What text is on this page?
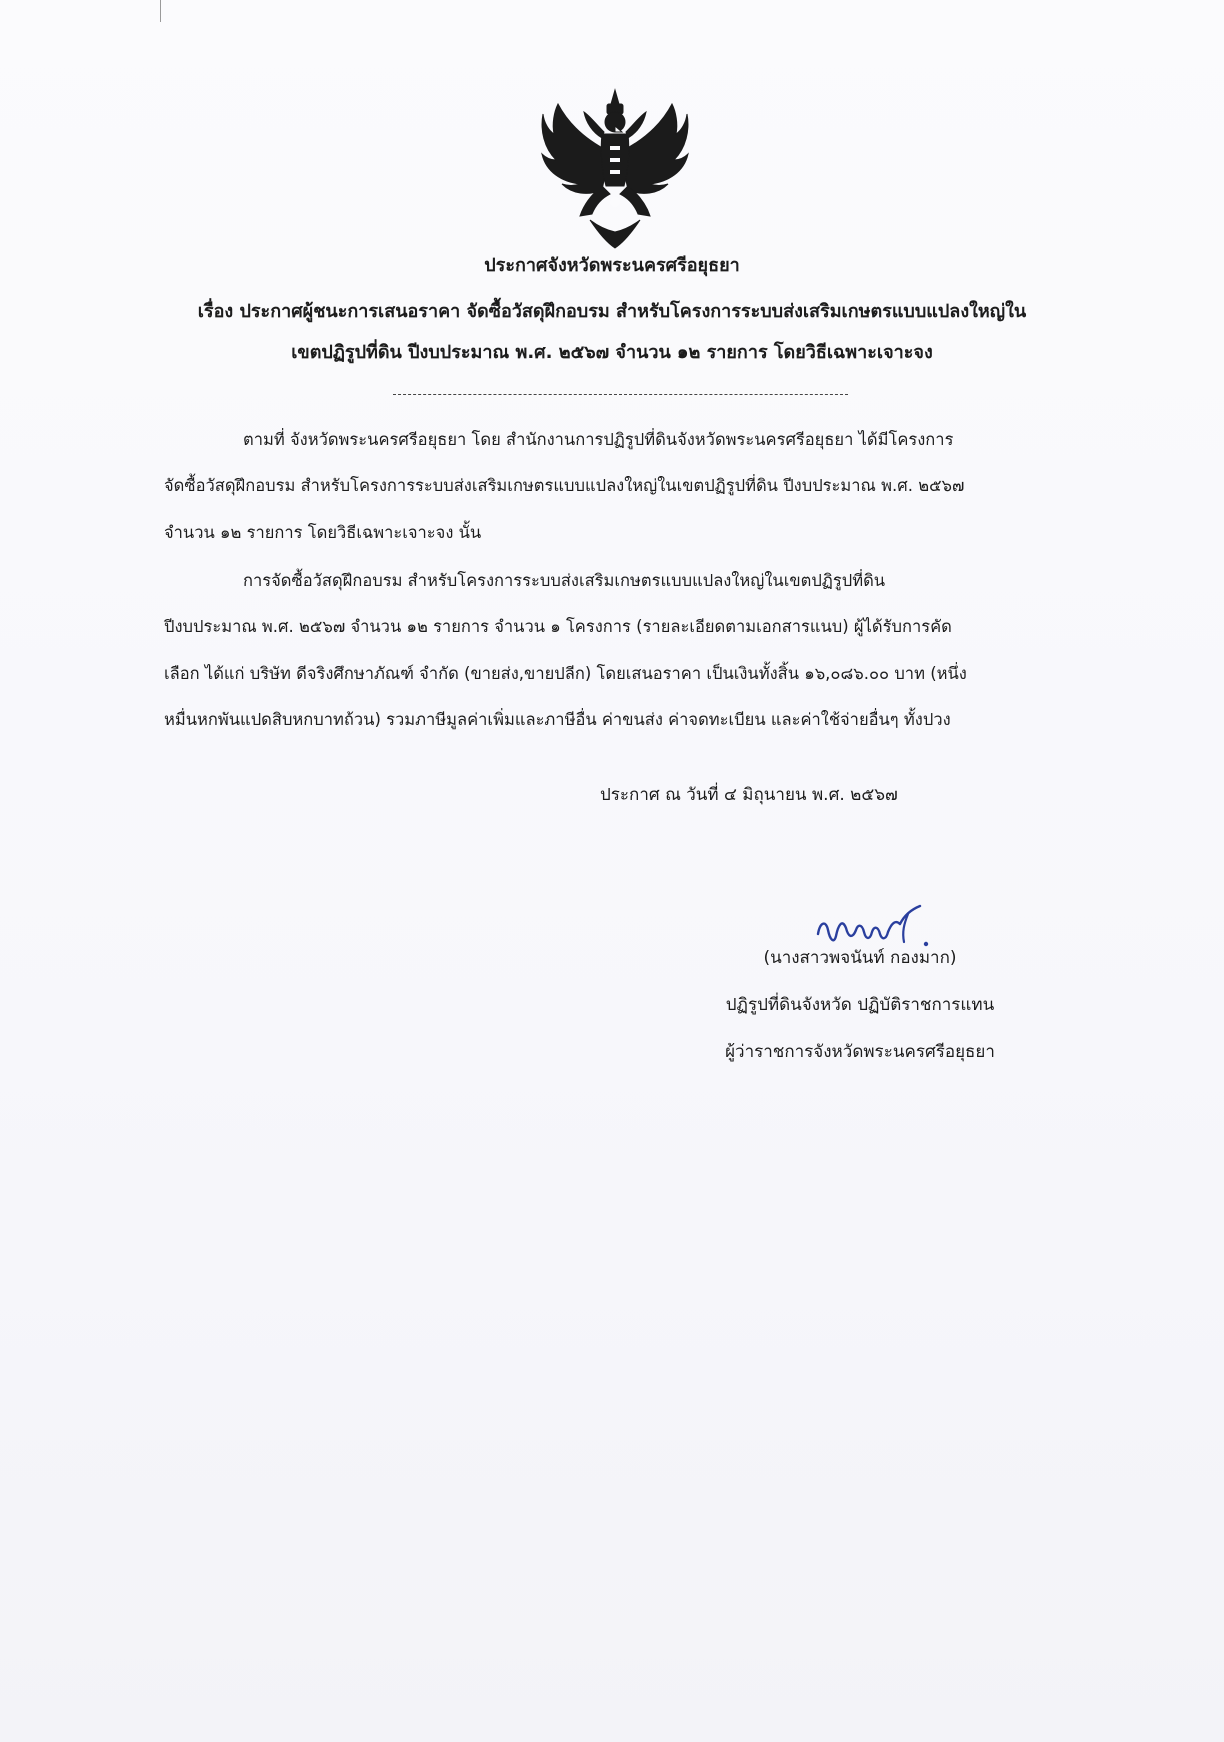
ประกาศจังหวัดพระนครศรีอยุธยา
เรื่อง ประกาศผู้ชนะการเสนอราคา จัดซื้อวัสดุฝึกอบรม สำหรับโครงการระบบส่งเสริมเกษตรแบบแปลงใหญ่ใน
เขตปฏิรูปที่ดิน ปีงบประมาณ พ.ศ. ๒๕๖๗ จำนวน ๑๒ รายการ โดยวิธีเฉพาะเจาะจง
ตามที่ จังหวัดพระนครศรีอยุธยา โดย สำนักงานการปฏิรูปที่ดินจังหวัดพระนครศรีอยุธยา ได้มีโครงการ
จัดซื้อวัสดุฝึกอบรม สำหรับโครงการระบบส่งเสริมเกษตรแบบแปลงใหญ่ในเขตปฏิรูปที่ดิน ปีงบประมาณ พ.ศ. ๒๕๖๗
จำนวน ๑๒ รายการ โดยวิธีเฉพาะเจาะจง นั้น
การจัดซื้อวัสดุฝึกอบรม สำหรับโครงการระบบส่งเสริมเกษตรแบบแปลงใหญ่ในเขตปฏิรูปที่ดิน
ปีงบประมาณ พ.ศ. ๒๕๖๗ จำนวน ๑๒ รายการ จำนวน ๑ โครงการ (รายละเอียดตามเอกสารแนบ) ผู้ได้รับการคัด
เลือก ได้แก่ บริษัท ดีจริงศึกษาภัณฑ์ จำกัด (ขายส่ง,ขายปลีก) โดยเสนอราคา เป็นเงินทั้งสิ้น ๑๖,๐๘๖.๐๐ บาท (หนึ่ง
หมื่นหกพันแปดสิบหกบาทถ้วน) รวมภาษีมูลค่าเพิ่มและภาษีอื่น ค่าขนส่ง ค่าจดทะเบียน และค่าใช้จ่ายอื่นๆ ทั้งปวง
ประกาศ ณ วันที่ ๔ มิถุนายน พ.ศ. ๒๕๖๗
(นางสาวพจนันท์ กองมาก)
ปฏิรูปที่ดินจังหวัด ปฏิบัติราชการแทน
ผู้ว่าราชการจังหวัดพระนครศรีอยุธยา
